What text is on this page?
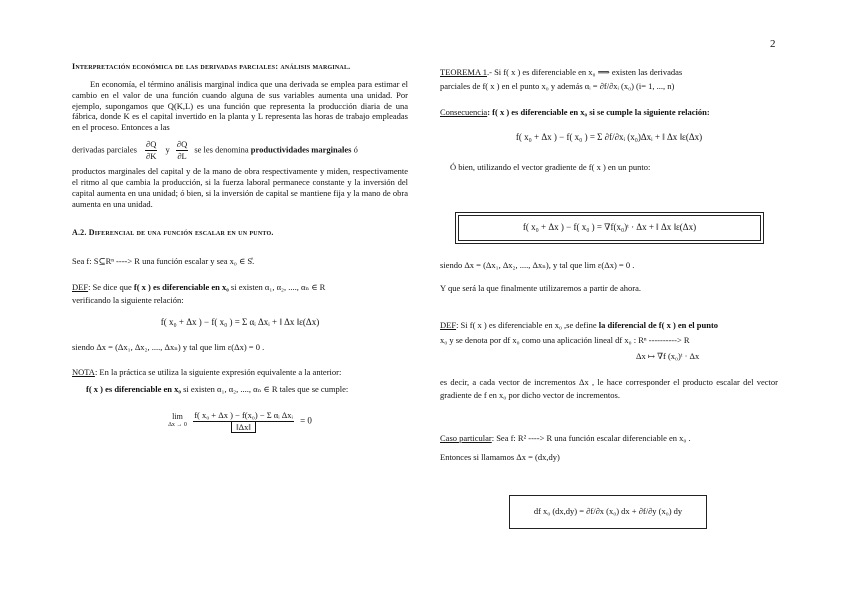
2
Interpretación económica de las derivadas parciales: análisis marginal.
En economía, el término análisis marginal indica que una derivada se emplea para estimar el cambio en el valor de una función cuando alguna de sus variables aumenta una unidad. Por ejemplo, supongamos que Q(K,L) es una función que representa la producción diaria de una fábrica, donde K es el capital invertido en la planta y L representa las horas de trabajo empleadas en el proceso. Entonces a las
derivadas parciales $\frac{\partial Q}{\partial K}$ y $\frac{\partial Q}{\partial L}$ se les denomina productividades marginales ó
productos marginales del capital y de la mano de obra respectivamente y miden, respectivamente el ritmo al que cambia la producción, si la fuerza laboral permanece constante y la inversión del capital aumenta en una unidad; ó bien, si la inversión de capital se mantiene fija y la mano de obra aumenta en una unidad.
A.2. Diferencial de una función escalar en un punto.
Sea f: S⊆Rⁿ ----> R una función escalar y sea x₀ ∈ S̊.
DEF: Se dice que f( x ) es diferenciable en x₀ si existen α₁, α₂, ...., αₙ ∈ R
verificando la siguiente relación:
f( x₀ + Δx ) − f( x₀ ) = Σ αᵢ Δxᵢ + ‖ Δx ‖ε(Δx)
siendo Δx = (Δx₁, Δx₂, ...., Δxₙ) y tal que lim ε(Δx) = 0 .
NOTA: En la práctica se utiliza la siguiente expresión equivalente a la anterior:
f( x ) es diferenciable en x₀ si existen α₁, α₂, ...., αₙ ∈ R tales que se cumple:
lim
Δx → 0
$\frac{\text{f( x₀ + Δx ) − f(x₀) − Σ αᵢ Δxᵢ}}{‖\Delta x‖} = 0$
TEOREMA 1.- Si f( x ) es diferenciable en x₀ ⟹ existen las derivadas
parciales de f( x ) en el punto x₀ y además αᵢ = ∂f/∂xᵢ (x₀) (i= 1, ..., n)
Consecuencia: f( x ) es diferenciable en x₀ si se cumple la siguiente relación:
f( x₀ + Δx ) − f( x₀ ) = Σ ∂f/∂xᵢ (x₀)Δxᵢ + ‖ Δx ‖ε(Δx)
Ó bien, utilizando el vector gradiente de f( x ) en un punto:
f( x₀ + Δx ) − f( x₀ ) = ∇f(x₀)ᵗ · Δx + ‖ Δx ‖ε(Δx)
siendo Δx = (Δx₁, Δx₂, ...., Δxₙ), y tal que lim ε(Δx) = 0 .
Y que será la que finalmente utilizaremos a partir de ahora.
DEF: Si f( x ) es diferenciable en x₀ ,se define la diferencial de f( x ) en el punto
x₀ y se denota por df x₀ como una aplicación lineal df x₀ : Rⁿ ----------> R
Δx ↦ ∇f (x₀)ᵗ · Δx
es decir, a cada vector de incrementos Δx , le hace corresponder el producto escalar del vector gradiente de f en x₀ por dicho vector de incrementos.
Caso particular: Sea f: R² ----> R una función escalar diferenciable en x₀ .
Entonces si llamamos Δx = (dx,dy)
df x₀ (dx,dy) = ∂f/∂x (x₀) dx + ∂f/∂y (x₀) dy
